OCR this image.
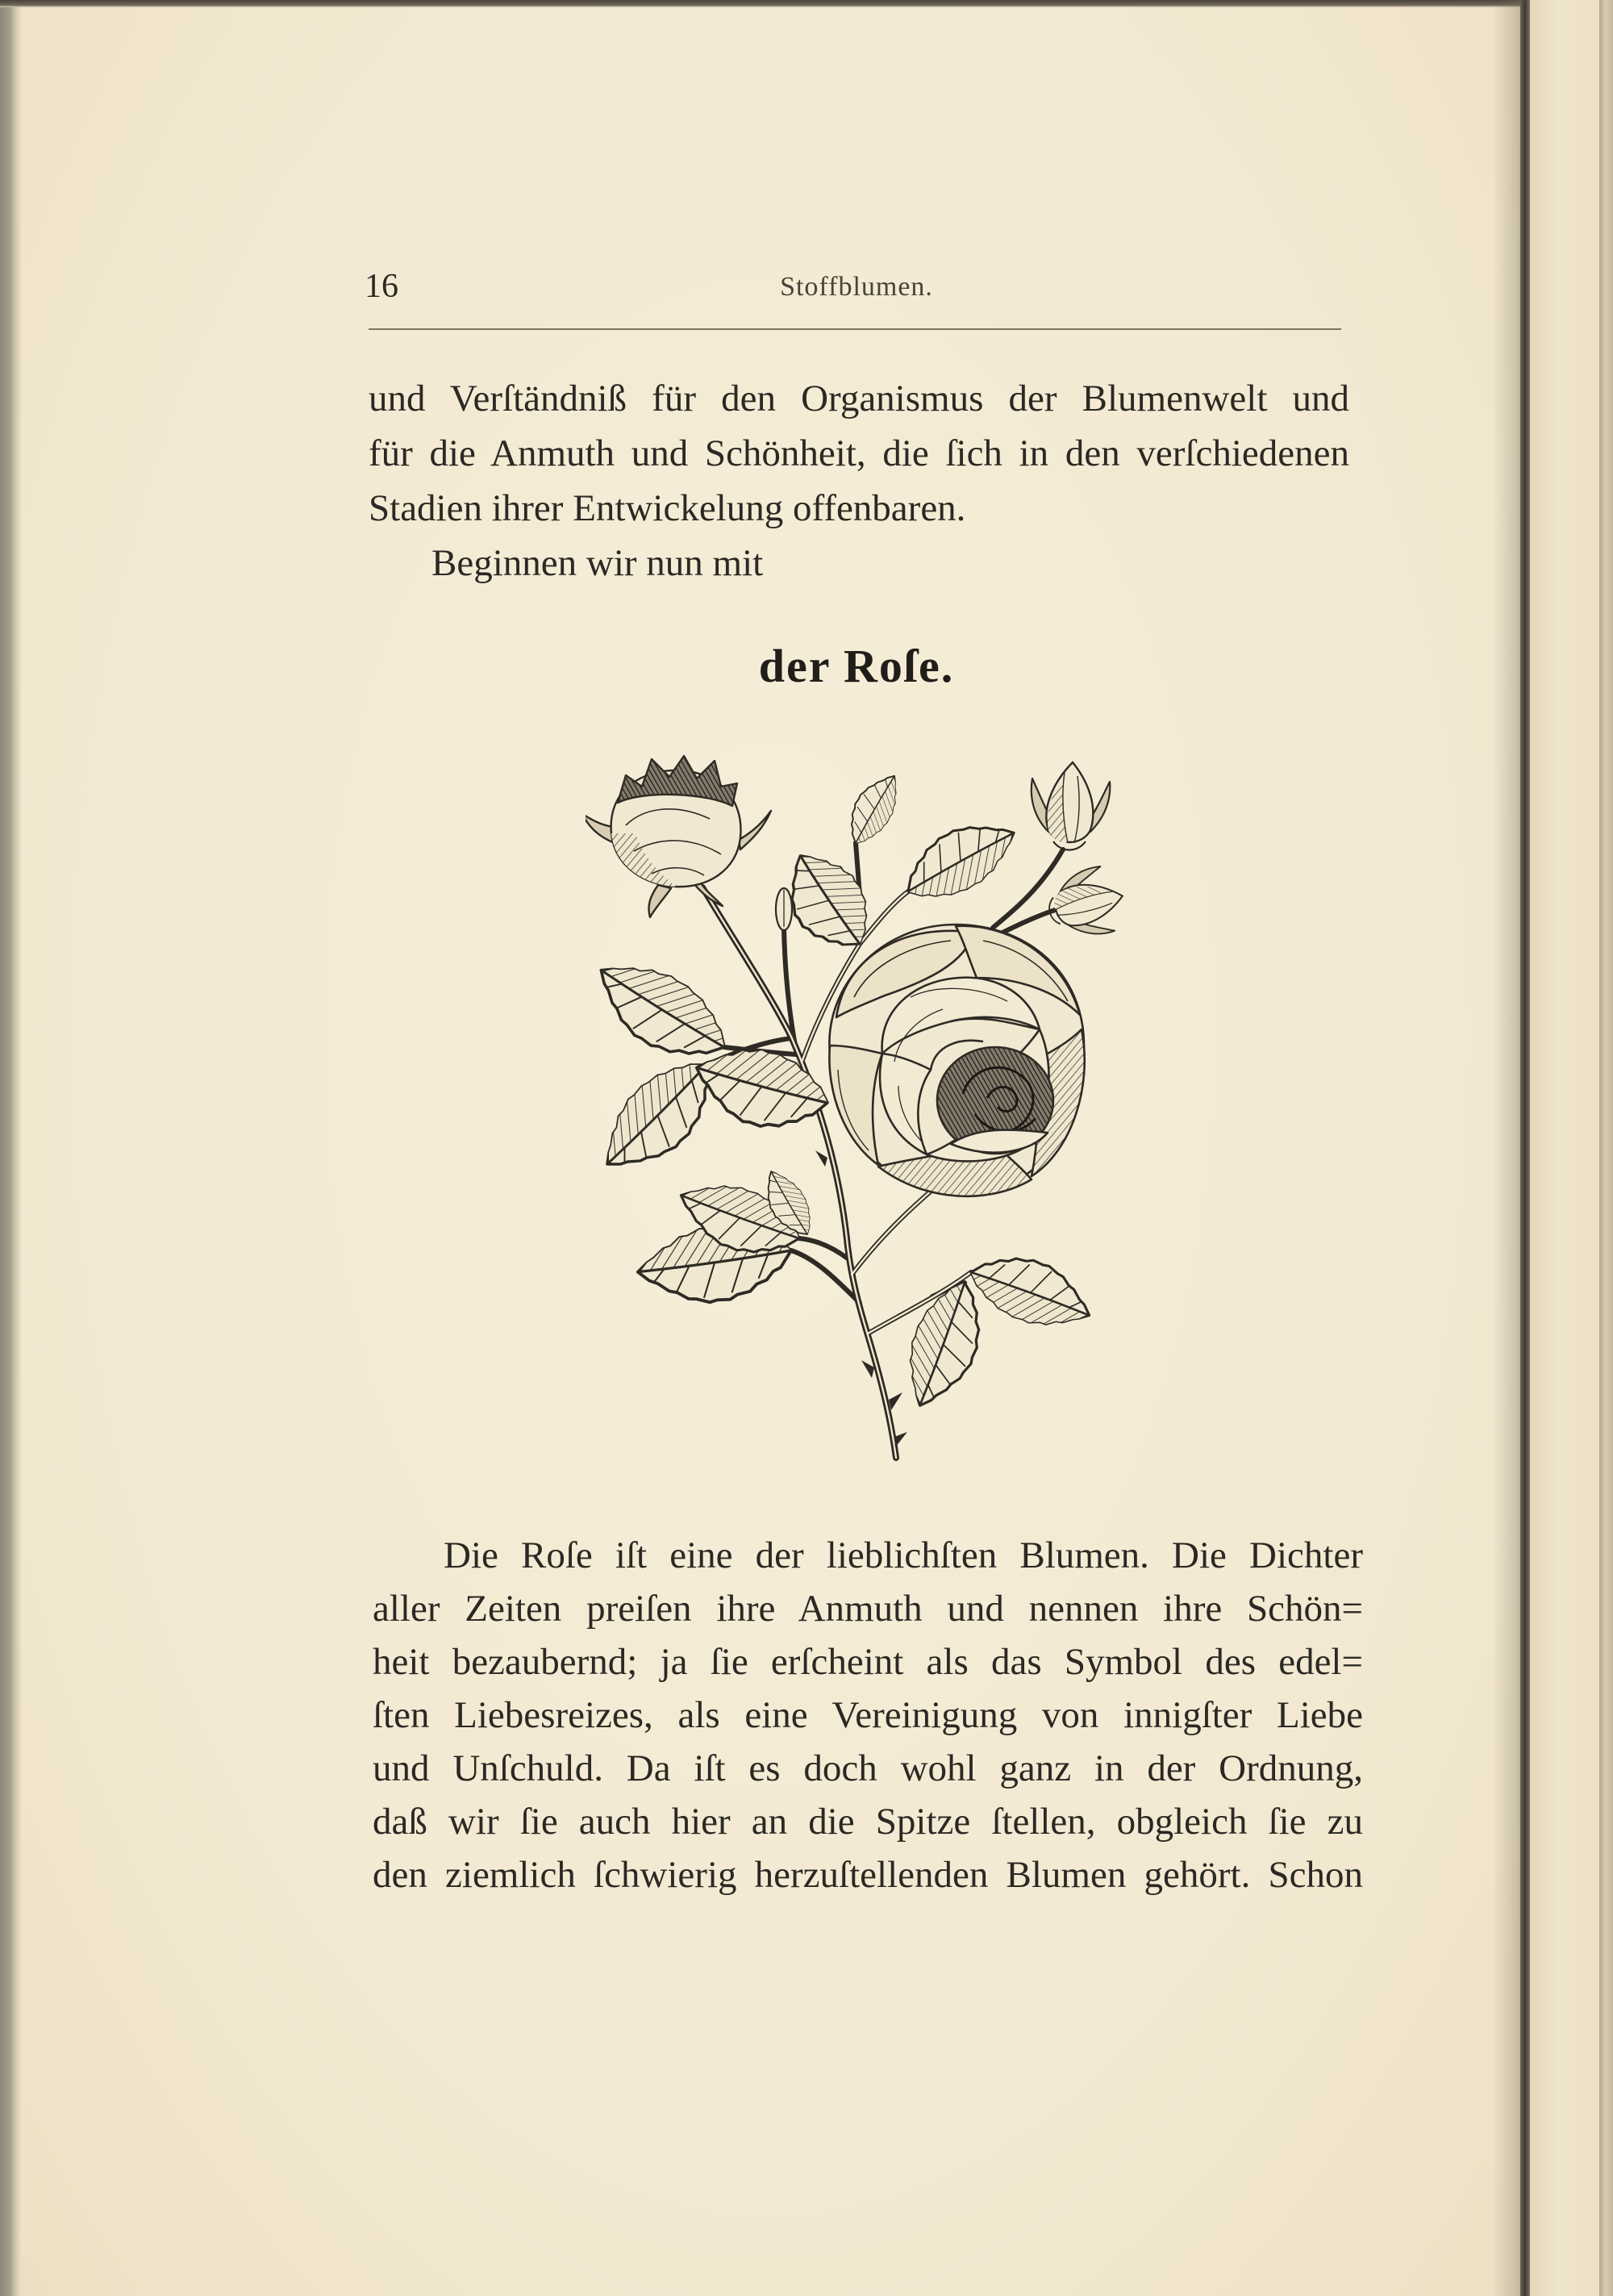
16	Stoffblumen.
und Verſtändniß für den Organismus der Blumenwelt und
für die Anmuth und Schönheit, die ſich in den verſchiedenen
Stadien ihrer Entwickelung offenbaren.
Beginnen wir nun mit
der Roſe.
Die Roſe iſt eine der lieblichſten Blumen. Die Dichter
aller Zeiten preiſen ihre Anmuth und nennen ihre Schön=
heit bezaubernd; ja ſie erſcheint als das Symbol des edel=
ſten Liebesreizes, als eine Vereinigung von innigſter Liebe
und Unſchuld. Da iſt es doch wohl ganz in der Ordnung,
daß wir ſie auch hier an die Spitze ſtellen, obgleich ſie zu
den ziemlich ſchwierig herzuſtellenden Blumen gehört. Schon
